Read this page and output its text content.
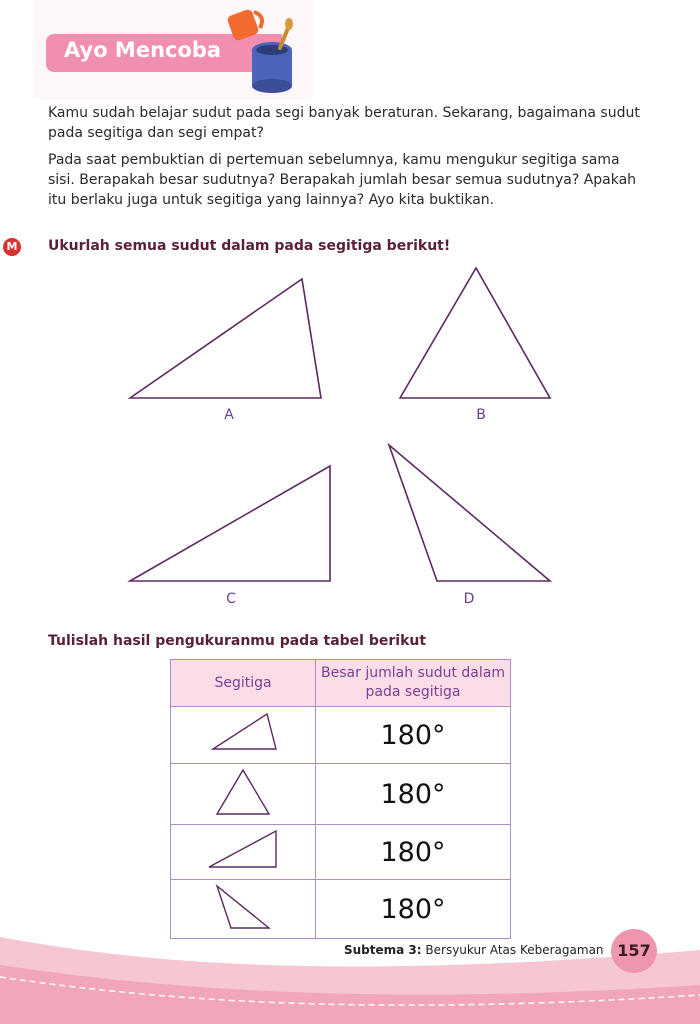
Ayo Mencoba
Kamu sudah belajar sudut pada segi banyak beraturan. Sekarang, bagaimana sudut pada segitiga dan segi empat?
Pada saat pembuktian di pertemuan sebelumnya, kamu mengukur segitiga sama sisi. Berapakah besar sudutnya? Berapakah jumlah besar semua sudutnya? Apakah itu berlaku juga untuk segitiga yang lainnya? Ayo kita buktikan.
M Ukurlah semua sudut dalam pada segitiga berikut!
A	B
C	D
Tulislah hasil pengukuranmu pada tabel berikut
Segitiga	Besar jumlah sudut dalam pada segitiga
	180°
	180°
	180°
	180°
Subtema 3: Bersyukur Atas Keberagaman 157
